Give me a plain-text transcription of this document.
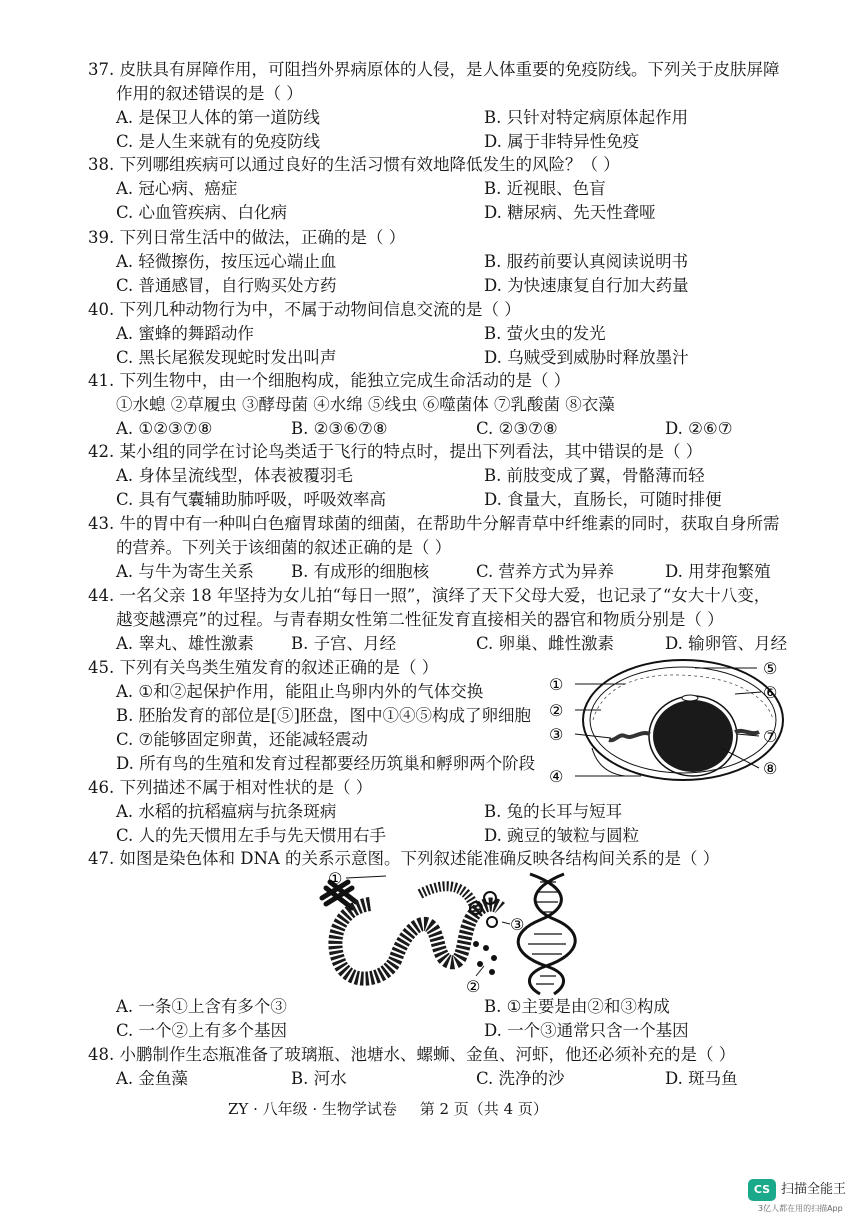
37. 皮肤具有屏障作用，可阻挡外界病原体的人侵，是人体重要的免疫防线。下列关于皮肤屏障
作用的叙述错误的是（ ）
A. 是保卫人体的第一道防线	B. 只针对特定病原体起作用
C. 是人生来就有的免疫防线	D. 属于非特异性免疫
38. 下列哪组疾病可以通过良好的生活习惯有效地降低发生的风险？（ ）
A. 冠心病、癌症	B. 近视眼、色盲
C. 心血管疾病、白化病	D. 糖尿病、先天性聋哑
39. 下列日常生活中的做法，正确的是（ ）
A. 轻微擦伤，按压远心端止血	B. 服药前要认真阅读说明书
C. 普通感冒，自行购买处方药	D. 为快速康复自行加大药量
40. 下列几种动物行为中，不属于动物间信息交流的是（ ）
A. 蜜蜂的舞蹈动作	B. 萤火虫的发光
C. 黑长尾猴发现蛇时发出叫声	D. 乌贼受到威胁时释放墨汁
41. 下列生物中，由一个细胞构成，能独立完成生命活动的是（ ）
①水螅 ②草履虫 ③酵母菌 ④水绵 ⑤线虫 ⑥噬菌体 ⑦乳酸菌 ⑧衣藻
A. ①②③⑦⑧	B. ②③⑥⑦⑧	C. ②③⑦⑧	D. ②⑥⑦
42. 某小组的同学在讨论鸟类适于飞行的特点时，提出下列看法，其中错误的是（ ）
A. 身体呈流线型，体表被覆羽毛	B. 前肢变成了翼，骨骼薄而轻
C. 具有气囊辅助肺呼吸，呼吸效率高	D. 食量大，直肠长，可随时排便
43. 牛的胃中有一种叫白色瘤胃球菌的细菌，在帮助牛分解青草中纤维素的同时，获取自身所需
的营养。下列关于该细菌的叙述正确的是（ ）
A. 与牛为寄生关系 B. 有成形的细胞核	C. 营养方式为异养	D. 用芽孢繁殖
44. 一名父亲 18 年坚持为女儿拍“每日一照”，演绎了天下父母大爱，也记录了“女大十八变，
越变越漂亮”的过程。与青春期女性第二性征发育直接相关的器官和物质分别是（ ）
A. 睾丸、雄性激素 B. 子宫、月经	C. 卵巢、雌性激素	D. 输卵管、月经
45. 下列有关鸟类生殖发育的叙述正确的是（ ）
A. ①和②起保护作用，能阻止鸟卵内外的气体交换
B. 胚胎发育的部位是[⑤]胚盘，图中①④⑤构成了卵细胞
C. ⑦能够固定卵黄，还能减轻震动
D. 所有鸟的生殖和发育过程都要经历筑巢和孵卵两个阶段
①
②
③
④
⑤
⑥
⑦
⑧
46. 下列描述不属于相对性状的是（ ）
A. 水稻的抗稻瘟病与抗条斑病	B. 兔的长耳与短耳
C. 人的先天惯用左手与先天惯用右手	D. 豌豆的皱粒与圆粒
47. 如图是染色体和 DNA 的关系示意图。下列叙述能准确反映各结构间关系的是（ ）
①
②
③
A. 一条①上含有多个③	B. ①主要是由②和③构成
C. 一个②上有多个基因	D. 一个③通常只含一个基因
48. 小鹏制作生态瓶准备了玻璃瓶、池塘水、螺蛳、金鱼、河虾，他还必须补充的是（ ）
A. 金鱼藻	B. 河水	C. 洗净的沙	D. 斑马鱼
ZY · 八年级 · 生物学试卷 第 2 页（共 4 页）
CS 扫描全能王
3亿人都在用的扫描App
